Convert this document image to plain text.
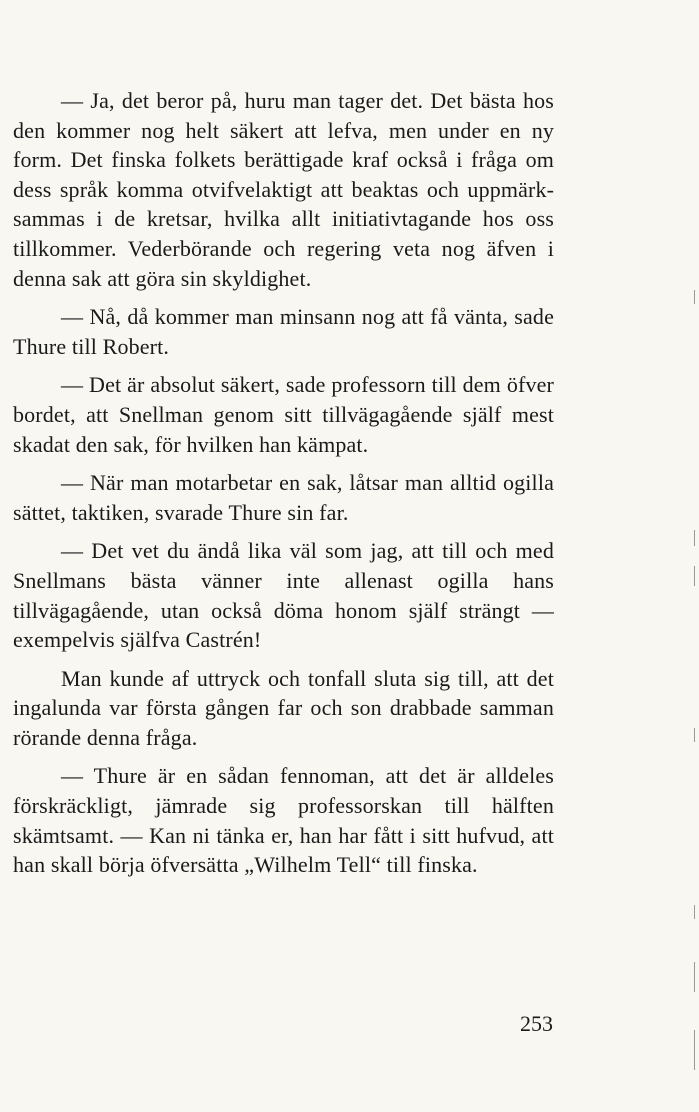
— Ja, det beror på, huru man tager det. Det bästa hos den kommer nog helt säkert att lefva, men under en ny form. Det finska folkets berättigade kraf också i fråga om dess språk komma otvifvelaktigt att beaktas och uppmärksammas i de kretsar, hvilka allt initiativtagande hos oss tillkommer. Vederbörande och regering veta nog äfven i denna sak att göra sin skyldighet.

— Nå, då kommer man minsann nog att få vänta, sade Thure till Robert.

— Det är absolut säkert, sade professorn till dem öfver bordet, att Snellman genom sitt tillvägagående själf mest skadat den sak, för hvilken han kämpat.

— När man motarbetar en sak, låtsar man alltid ogilla sättet, taktiken, svarade Thure sin far.

— Det vet du ändå lika väl som jag, att till och med Snellmans bästa vänner inte allenast ogilla hans tillvägagående, utan också döma honom själf strängt — exempelvis själfva Castrén!

Man kunde af uttryck och tonfall sluta sig till, att det ingalunda var första gången far och son drabbade samman rörande denna fråga.

— Thure är en sådan fennoman, att det är alldeles förskräckligt, jämrade sig professorskan till hälften skämtsamt. — Kan ni tänka er, han har fått i sitt hufvud, att han skall börja öfversätta „Wilhelm Tell“ till finska.

253
